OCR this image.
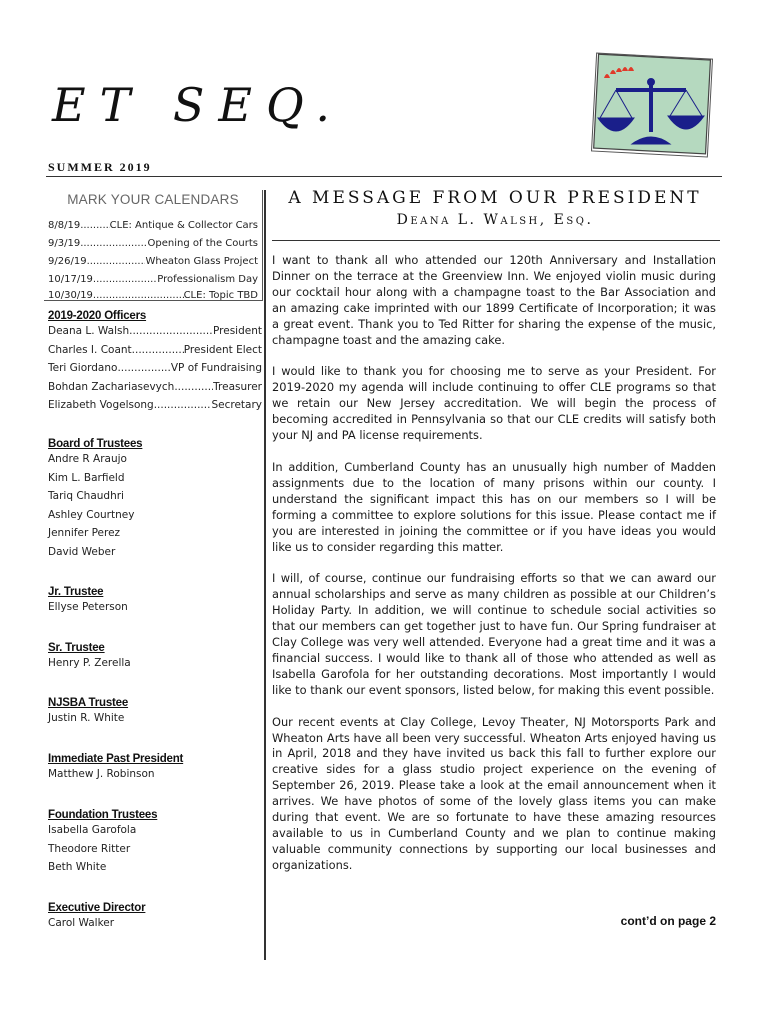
ET SEQ.
SUMMER 2019
MARK YOUR CALENDARS
8/8/19 .....	CLE: Antique & Collector Cars
9/3/19 .....	Opening of the Courts
9/26/19 .....	Wheaton Glass Project
10/17/19 .....	Professionalism Day
10/30/19 .....	CLE: Topic TBD
2019-2020 Officers
Deana L. Walsh .....	President
Charles I. Coant .....	President Elect
Teri Giordano .....	VP of Fundraising
Bohdan Zachariasevych .....	Treasurer
Elizabeth Vogelsong .....	Secretary
Board of Trustees
Andre R Araujo
Kim L. Barfield
Tariq Chaudhri
Ashley Courtney
Jennifer Perez
David Weber
Jr. Trustee
Ellyse Peterson
Sr. Trustee
Henry P. Zerella
NJSBA Trustee
Justin R. White
Immediate Past President
Matthew J. Robinson
Foundation Trustees
Isabella Garofola
Theodore Ritter
Beth White
Executive Director
Carol Walker
A MESSAGE FROM OUR PRESIDENT
Deana L. Walsh, Esq.

I want to thank all who attended our 120th Anniversary and Installation Dinner on the terrace at the Greenview Inn. We enjoyed violin music during our cocktail hour along with a champagne toast to the Bar Association and an amazing cake imprinted with our 1899 Certificate of Incorporation; it was a great event. Thank you to Ted Ritter for sharing the expense of the music, champagne toast and the amazing cake.

I would like to thank you for choosing me to serve as your President. For 2019-2020 my agenda will include continuing to offer CLE programs so that we retain our New Jersey accreditation. We will begin the process of becoming accredited in Pennsylvania so that our CLE credits will satisfy both your NJ and PA license requirements.

In addition, Cumberland County has an unusually high number of Madden assignments due to the location of many prisons within our county. I understand the significant impact this has on our members so I will be forming a committee to explore solutions for this issue. Please contact me if you are interested in joining the committee or if you have ideas you would like us to consider regarding this matter.

I will, of course, continue our fundraising efforts so that we can award our annual scholarships and serve as many children as possible at our Children’s Holiday Party. In addition, we will continue to schedule social activities so that our members can get together just to have fun. Our Spring fundraiser at Clay College was very well attended. Everyone had a great time and it was a financial success. I would like to thank all of those who attended as well as Isabella Garofola for her outstanding decorations. Most importantly I would like to thank our event sponsors, listed below, for making this event possible.

Our recent events at Clay College, Levoy Theater, NJ Motorsports Park and Wheaton Arts have all been very successful. Wheaton Arts enjoyed having us in April, 2018 and they have invited us back this fall to further explore our creative sides for a glass studio project experience on the evening of September 26, 2019. Please take a look at the email announcement when it arrives. We have photos of some of the lovely glass items you can make during that event. We are so fortunate to have these amazing resources available to us in Cumberland County and we plan to continue making valuable community connections by supporting our local businesses and organizations.

cont’d on page 2
